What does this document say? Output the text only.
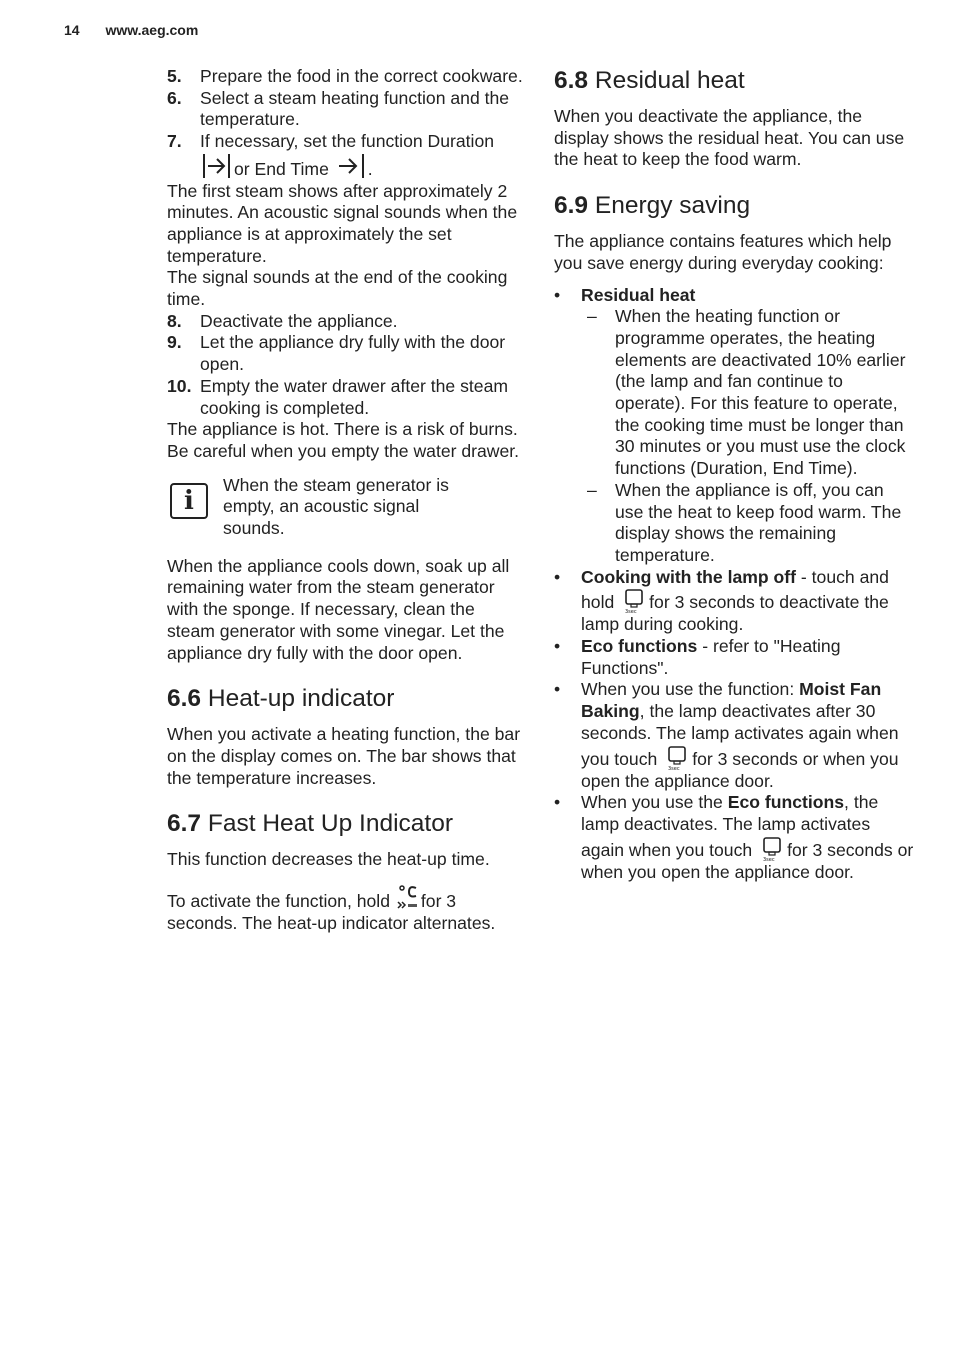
14 www.aeg.com
5.	Prepare the food in the correct cookware.
6.	Select a steam heating function and the temperature.
7.	If necessary, set the function Duration or End Time .

The first steam shows after approximately 2 minutes. An acoustic signal sounds when the appliance is at approximately the set temperature.

The signal sounds at the end of the cooking time.

8.	Deactivate the appliance.
9.	Let the appliance dry fully with the door open.
10. Empty the water drawer after the steam cooking is completed.

The appliance is hot. There is a risk of burns. Be careful when you empty the water drawer.

i

When the steam generator is empty, an acoustic signal sounds.

When the appliance cools down, soak up all remaining water from the steam generator with the sponge. If necessary, clean the steam generator with some vinegar. Let the appliance dry fully with the door open.

6.6 Heat-up indicator

When you activate a heating function, the bar on the display comes on. The bar shows that the temperature increases.

6.7 Fast Heat Up Indicator

This function decreases the heat-up time.

To activate the function, hold for 3 seconds. The heat-up indicator alternates.

6.8 Residual heat

When you deactivate the appliance, the display shows the residual heat. You can use the heat to keep the food warm.

6.9 Energy saving

The appliance contains features which help you save energy during everyday cooking:

•	Residual heat
–	When the heating function or programme operates, the heating elements are deactivated 10% earlier (the lamp and fan continue to operate). For this feature to operate, the cooking time must be longer than 30 minutes or you must use the clock functions (Duration, End Time).
–	When the appliance is off, you can use the heat to keep food warm. The display shows the remaining temperature.
•	Cooking with the lamp off - touch and hold 3sec for 3 seconds to deactivate the lamp during cooking.
•	Eco functions - refer to "Heating Functions".
•	When you use the function: Moist Fan Baking, the lamp deactivates after 30 seconds. The lamp activates again when you touch 3sec for 3 seconds or when you open the appliance door.
•	When you use the Eco functions, the lamp deactivates. The lamp activates again when you touch 3sec for 3 seconds or when you open the appliance door.
